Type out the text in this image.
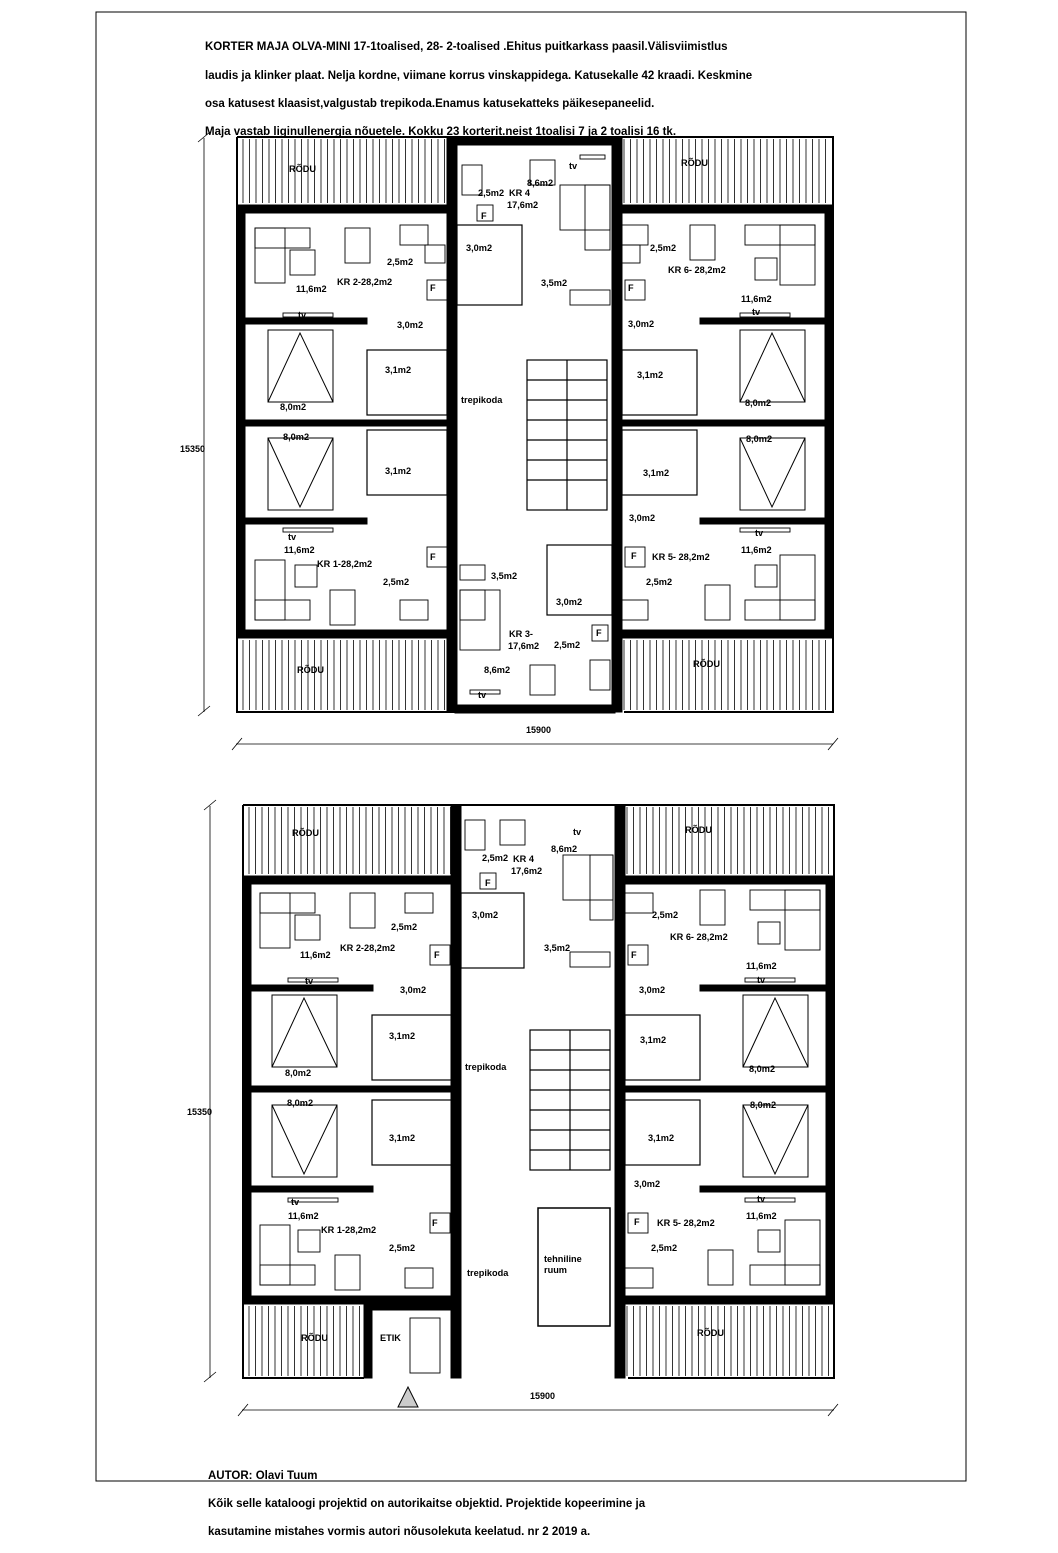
15350
15900
RÕDU
RÕDU
RÕDU
RÕDU
trepikoda
tv
8,6m2
2,5m2 KR 4
17,6m2
F
3,0m2
3,5m2
2,5m2
KR 2-28,2m2
11,6m2	F
tv
3,0m2
3,1m2
8,0m2
2,5m2
KR 6- 28,2m2
F
11,6m2
tv
3,0m2
3,1m2
8,0m2
8,0m2
3,1m2
tv
11,6m2
F
KR 1-28,2m2
2,5m2
8,0m2
3,1m2
3,0m2
tv
11,6m2
F KR 5- 28,2m2
2,5m2
3,5m2
3,0m2
F
KR 3-
17,6m2 2,5m2
8,6m2
tv
15350
15900
RÕDU	RÕDU
RÕDU	RÕDU
trepikoda
trepikoda
tehniline ruum
ETIK
tv
8,6m2
2,5m2 KR 4
17,6m2
F
3,0m2
3,5m2
2,5m2
KR 2-28,2m2
11,6m2	F
tv
3,0m2
3,1m2
8,0m2
2,5m2
KR 6- 28,2m2
F
11,6m2
tv
3,0m2
3,1m2
8,0m2
8,0m2
3,1m2
tv
11,6m2
F
KR 1-28,2m2
2,5m2
8,0m2
3,1m2
3,0m2
tv
11,6m2
F KR 5- 28,2m2
2,5m2

KORTER MAJA OLVA-MINI 17-1toalised, 28- 2-toalised .Ehitus puitkarkass paasil.Välisviimistlus

laudis ja klinker plaat. Nelja kordne, viimane korrus vinskappidega. Katusekalle 42 kraadi. Keskmine

osa katusest klaasist,valgustab trepikoda.Enamus katusekatteks päikesepaneelid.

Maja vastab liginullenergia nõuetele. Kokku 23 korterit.neist 1toalisi 7 ja 2 toalisi 16 tk.

AUTOR: Olavi Tuum

Kõik selle kataloogi projektid on autorikaitse objektid. Projektide kopeerimine ja

kasutamine mistahes vormis autori nõusolekuta keelatud. nr 2 2019 a.
